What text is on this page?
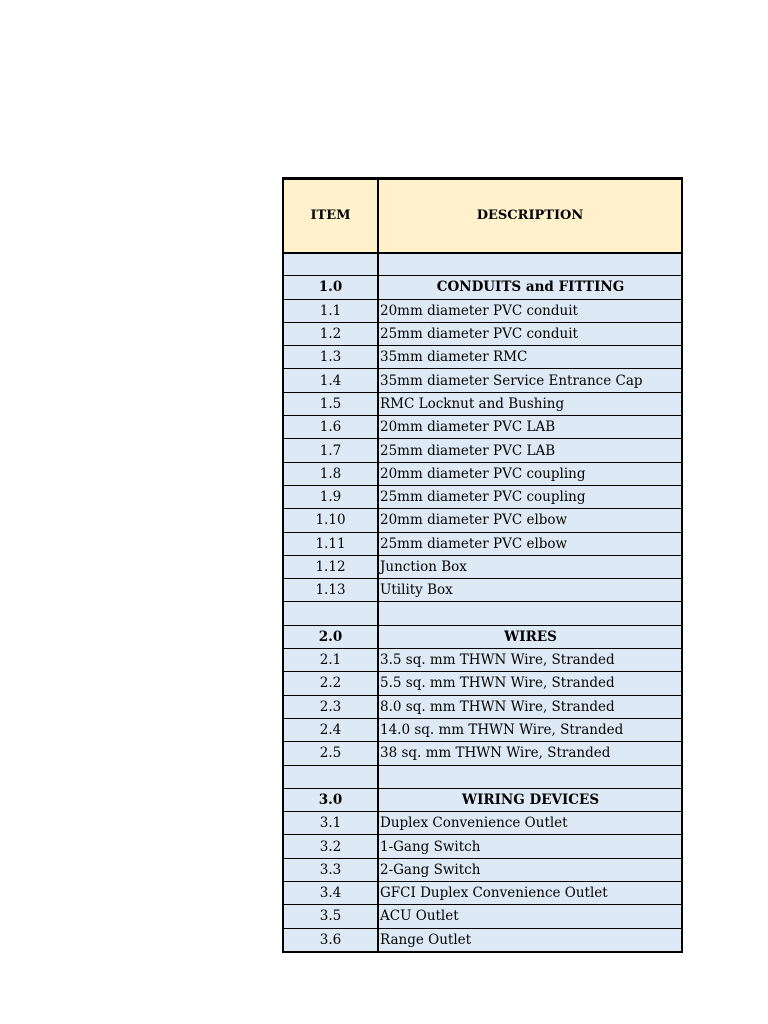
ITEM	DESCRIPTION

1.0	CONDUITS and FITTING
1.1	20mm diameter PVC conduit
1.2	25mm diameter PVC conduit
1.3	35mm diameter RMC
1.4	35mm diameter Service Entrance Cap
1.5	RMC Locknut and Bushing
1.6	20mm diameter PVC LAB
1.7	25mm diameter PVC LAB
1.8	20mm diameter PVC coupling
1.9	25mm diameter PVC coupling
1.10	20mm diameter PVC elbow
1.11	25mm diameter PVC elbow
1.12	Junction Box
1.13	Utility Box

2.0	WIRES
2.1	3.5 sq. mm THWN Wire, Stranded
2.2	5.5 sq. mm THWN Wire, Stranded
2.3	8.0 sq. mm THWN Wire, Stranded
2.4	14.0 sq. mm THWN Wire, Stranded
2.5	38 sq. mm THWN Wire, Stranded

3.0	WIRING DEVICES
3.1	Duplex Convenience Outlet
3.2	1-Gang Switch
3.3	2-Gang Switch
3.4	GFCI Duplex Convenience Outlet
3.5	ACU Outlet
3.6	Range Outlet
